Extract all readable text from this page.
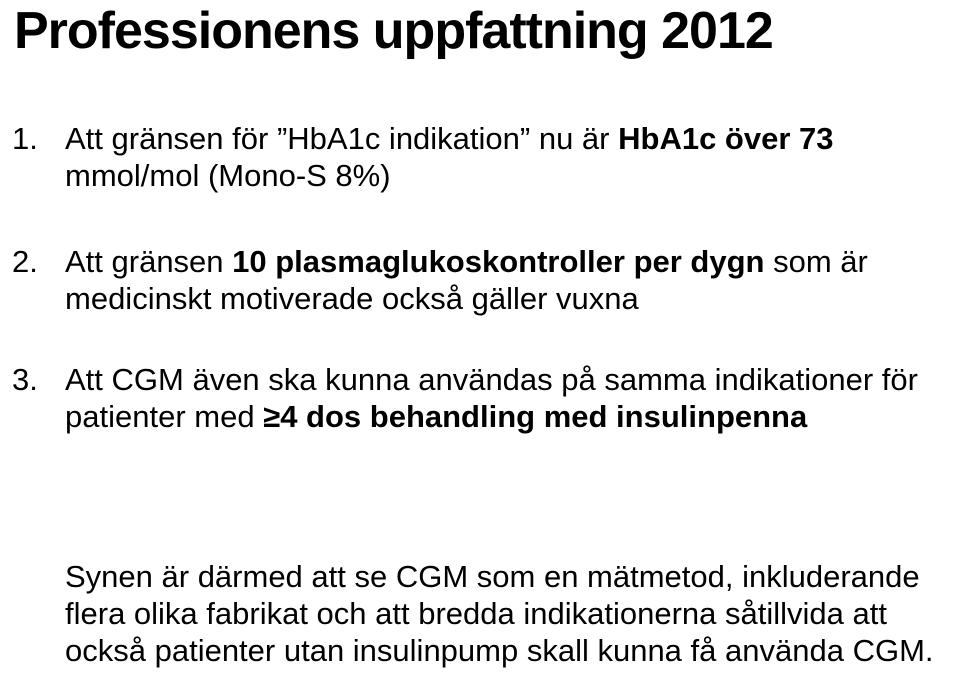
Professionens uppfattning 2012
1. Att gränsen för ”HbA1c indikation” nu är HbA1c över 73 mmol/mol (Mono-S 8%)
2. Att gränsen 10 plasmaglukoskontroller per dygn som är medicinskt motiverade också gäller vuxna
3. Att CGM även ska kunna användas på samma indikationer för patienter med ≥4 dos behandling med insulinpenna

Synen är därmed att se CGM som en mätmetod, inkluderande flera olika fabrikat och att bredda indikationerna såtillvida att också patienter utan insulinpump skall kunna få använda CGM.
